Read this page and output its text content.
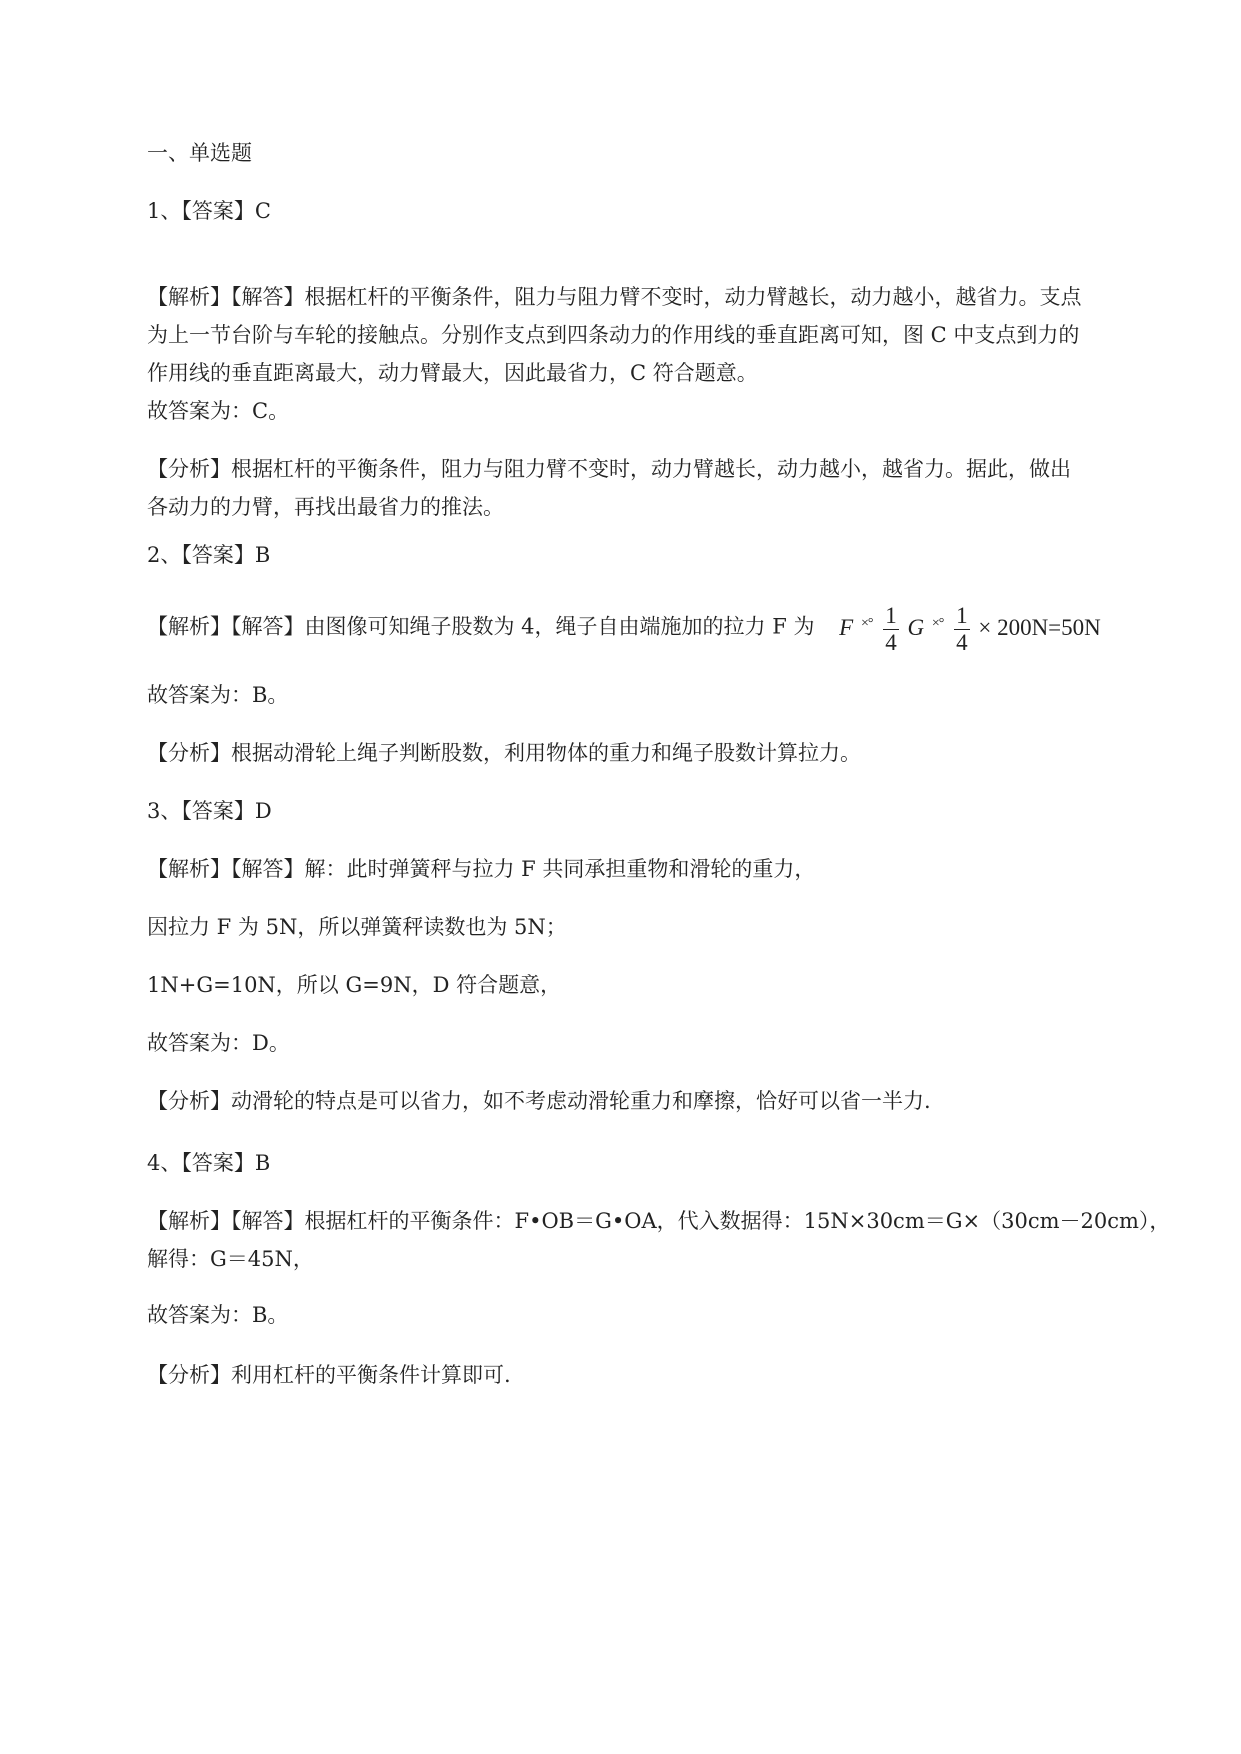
一、单选题
1、【答案】C
【解析】【解答】根据杠杆的平衡条件，阻力与阻力臂不变时，动力臂越长，动力越小，越省力。支点
为上一节台阶与车轮的接触点。分别作支点到四条动力的作用线的垂直距离可知，图 C 中支点到力的
作用线的垂直距离最大，动力臂最大，因此最省力，C 符合题意。
故答案为：C。
【分析】根据杠杆的平衡条件，阻力与阻力臂不变时，动力臂越长，动力越小，越省力。据此，做出
各动力的力臂，再找出最省力的推法。
2、【答案】B
【解析】【解答】由图像可知绳子股数为 4，绳子自由端施加的拉力 F 为 F $^{\times^\circ} \frac{1}{4}$ G $^{\times^\circ} \frac{1}{4} \times 200N=50N$
故答案为：B。
【分析】根据动滑轮上绳子判断股数，利用物体的重力和绳子股数计算拉力。
3、【答案】D
【解析】【解答】解：此时弹簧秤与拉力 F 共同承担重物和滑轮的重力，
因拉力 F 为 5N，所以弹簧秤读数也为 5N；
1N+G=10N，所以 G=9N，D 符合题意，
故答案为：D。
【分析】动滑轮的特点是可以省力，如不考虑动滑轮重力和摩擦，恰好可以省一半力.
4、【答案】B
【解析】【解答】根据杠杆的平衡条件：F•OB＝G•OA，代入数据得：15N×30cm＝G×（30cm－20cm），
解得：G＝45N，
故答案为：B。
【分析】利用杠杆的平衡条件计算即可.
